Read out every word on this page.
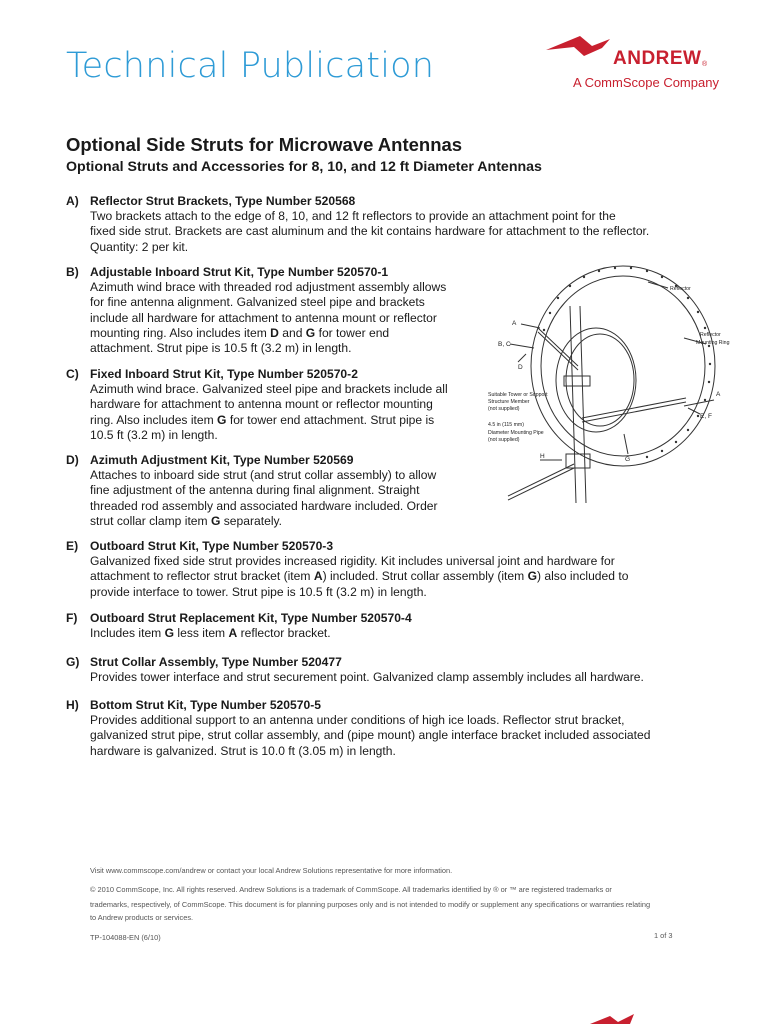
Technical Publication	ANDREW ®
A CommScope Company
Optional Side Struts for Microwave Antennas
Optional Struts and Accessories for 8, 10, and 12 ft Diameter Antennas
A) Reflector Strut Brackets, Type Number 520568
Two brackets attach to the edge of 8, 10, and 12 ft reflectors to provide an attachment point for the
fixed side strut. Brackets are cast aluminum and the kit contains hardware for attachment to the reflector.
Quantity: 2 per kit.
B) Adjustable Inboard Strut Kit, Type Number 520570-1
Azimuth wind brace with threaded rod adjustment assembly allows
for fine antenna alignment. Galvanized steel pipe and brackets
include all hardware for attachment to antenna mount or reflector
mounting ring. Also includes item D and G for tower end
attachment. Strut pipe is 10.5 ft (3.2 m) in length.
C) Fixed Inboard Strut Kit, Type Number 520570-2
Azimuth wind brace. Galvanized steel pipe and brackets include all
hardware for attachment to antenna mount or reflector mounting
ring. Also includes item G for tower end attachment. Strut pipe is
10.5 ft (3.2 m) in length.
D) Azimuth Adjustment Kit, Type Number 520569
Attaches to inboard side strut (and strut collar assembly) to allow
fine adjustment of the antenna during final alignment. Straight
threaded rod assembly and associated hardware included. Order
strut collar clamp item G separately.
E) Outboard Strut Kit, Type Number 520570-3
Galvanized fixed side strut provides increased rigidity. Kit includes universal joint and hardware for
attachment to reflector strut bracket (item A) included. Strut collar assembly (item G) also included to
provide interface to tower. Strut pipe is 10.5 ft (3.2 m) in length.
F) Outboard Strut Replacement Kit, Type Number 520570-4
Includes item G less item A reflector bracket.
G) Strut Collar Assembly, Type Number 520477
Provides tower interface and strut securement point. Galvanized clamp assembly includes all hardware.
H) Bottom Strut Kit, Type Number 520570-5
Provides additional support to an antenna under conditions of high ice loads. Reflector strut bracket,
galvanized strut pipe, strut collar assembly, and (pipe mount) angle interface bracket included associated
hardware is galvanized. Strut is 10.0 ft (3.05 m) in length.
Reflector
Reflector
Mounting Ring
Suitable Tower or Support
Structure Member
(not supplied)
4.5 in (115 mm)
Diameter Mounting Pipe
(not supplied)
A
B, C
D
A
E, F
H	G
Visit www.commscope.com/andrew or contact your local Andrew Solutions representative for more information.
© 2010 CommScope, Inc. All rights reserved. Andrew Solutions is a trademark of CommScope. All trademarks identified by ® or ™ are registered trademarks or
trademarks, respectively, of CommScope. This document is for planning purposes only and is not intended to modify or supplement any specifications or warranties relating
to Andrew products or services.
TP-104088-EN (6/10)	1 of 3
